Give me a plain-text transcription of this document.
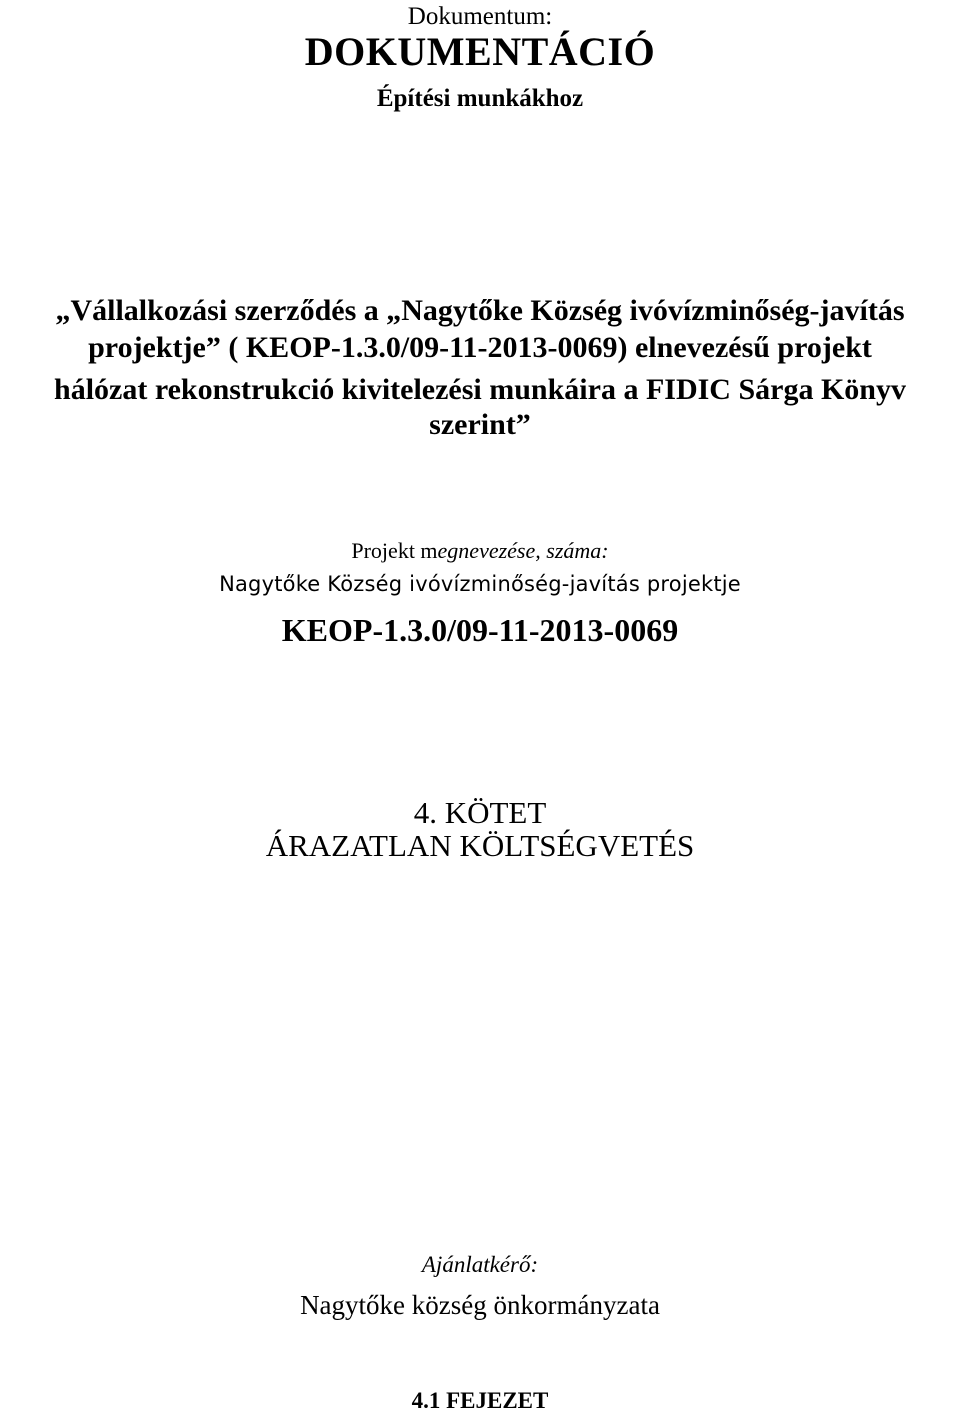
Dokumentum:
DOKUMENTÁCIÓ
Építési munkákhoz
„Vállalkozási szerződés a „Nagytőke Község ivóvízminőség-javítás
projektje” ( KEOP-1.3.0/09-11-2013-0069) elnevezésű projekt
hálózat rekonstrukció kivitelezési munkáira a FIDIC Sárga Könyv
szerint”
Projekt megnevezése, száma:
Nagytőke Község ivóvízminőség-javítás projektje
KEOP-1.3.0/09-11-2013-0069
4. KÖTET
ÁRAZATLAN KÖLTSÉGVETÉS
Ajánlatkérő:
Nagytőke község önkormányzata
4.1 FEJEZET
